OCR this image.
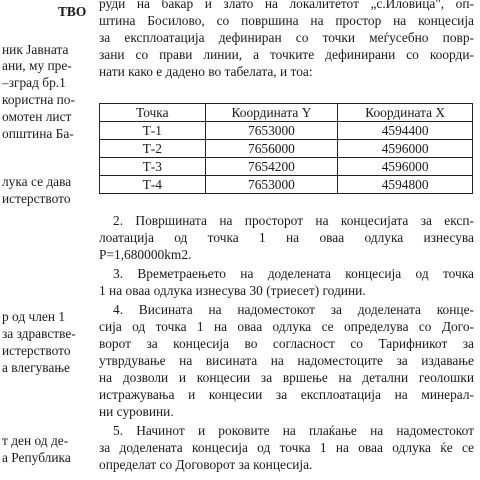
ТВО
ник Јавната
ани, му пре-
–зград бр.1
користна по-
омотен лист
општина Ба-
лука се дава
истерството
р од член 1
за здравстве-
истерството
а влегување
т ден од де-
а Република
руди на бакар и злато на локалитетот „с.Иловица", оп-
штина Босилово, со површина на простор на концесија
за експлоатација дефиниран со точки меѓусебно повр-
зани со прави линии, а точките дефинирани со коорди-
нати како е дадено во табелата, и тоа:
Точка	Координата Y	Координата X
Т-1	7653000	4594400
Т-2	7656000	4596000
Т-3	7654200	4596000
Т-4	7653000	4594800
2. Површината на просторот на концесијата за експ-
лоатација од точка 1 на оваа одлука изнесува
P=1,680000km2.
3. Времетраењето на доделената концесија од точка
1 на оваа одлука изнесува 30 (триесет) години.
4. Висината на надоместокот за доделената конце-
сија од точка 1 на оваа одлука се определува со Дого-
ворот за концесија во согласност со Тарифникот за
утврдување на висината на надоместоците за издавање
на дозволи и концесии за вршење на детални геолошки
истражувања и концесии за експлоатација на минерал-
ни суровини.
5. Начинот и роковите на плаќање на надоместокот
за доделената концесија од точка 1 на оваа одлука ќе се
определат со Договорот за концесија.
